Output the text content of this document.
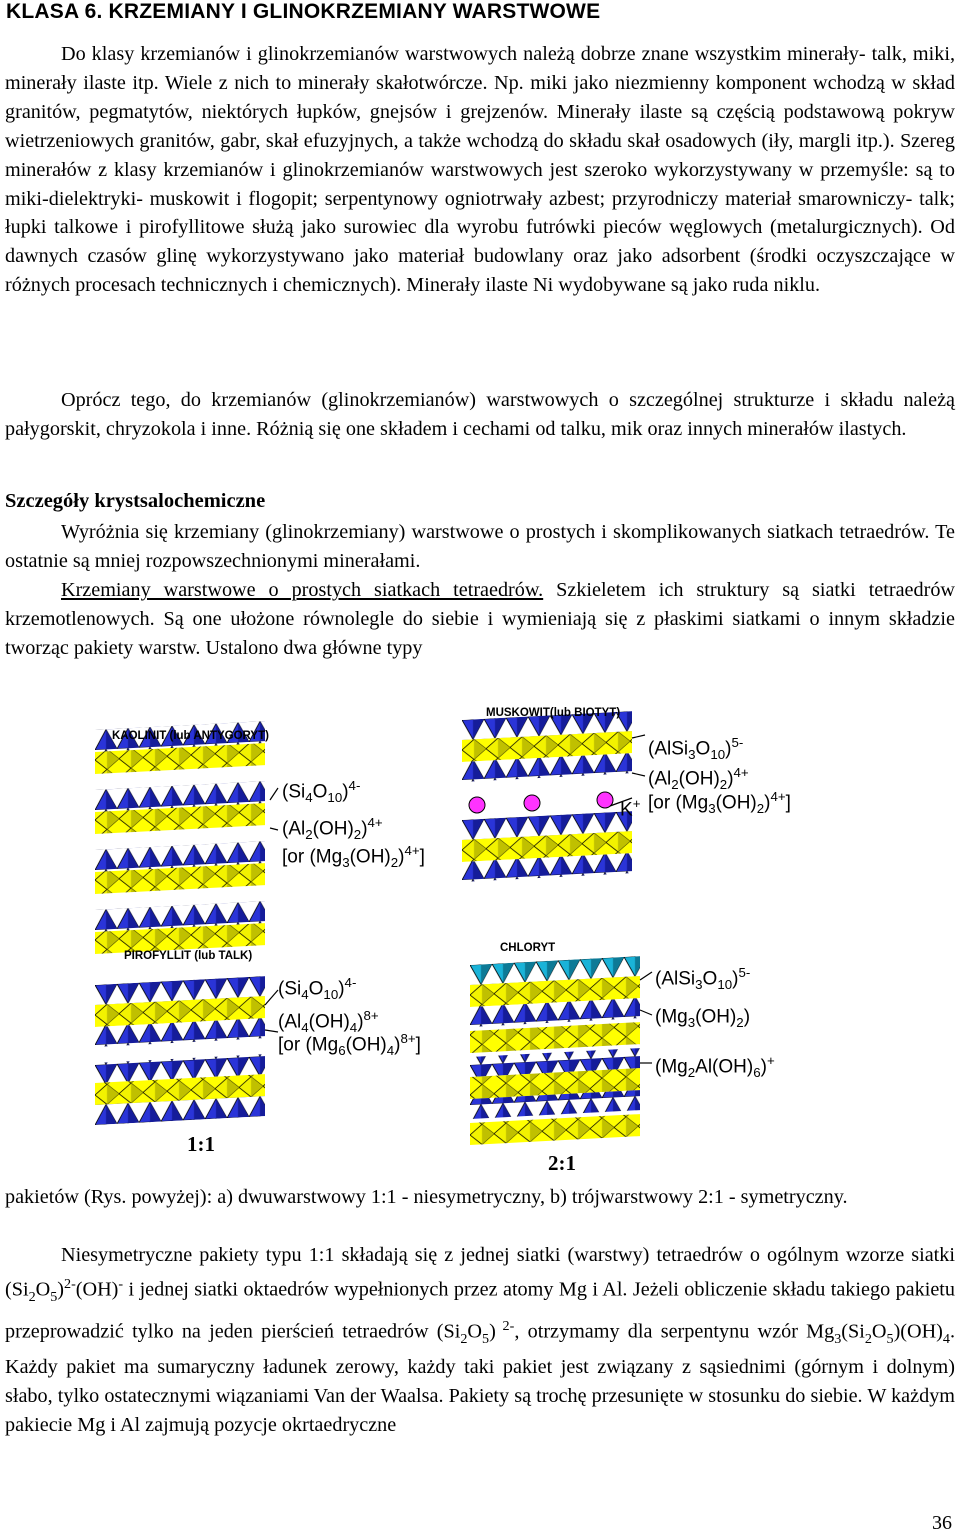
KLASA 6. KRZEMIANY I GLINOKRZEMIANY WARSTWOWE

Do klasy krzemianów i glinokrzemianów warstwowych należą dobrze znane wszystkim minerały- talk, miki, minerały ilaste itp. Wiele z nich to minerały skałotwórcze. Np. miki jako niezmienny komponent wchodzą w skład granitów, pegmatytów, niektórych łupków, gnejsów i grejzenów. Minerały ilaste są częścią podstawową pokryw wietrzeniowych granitów, gabr, skał efuzyjnych, a także wchodzą do składu skał osadowych (iły, margli itp.). Szereg minerałów z klasy krzemianów i glinokrzemianów warstwowych jest szeroko wykorzystywany w przemyśle: są to miki-dielektryki- muskowit i flogopit; serpentynowy ogniotrwały azbest; przyrodniczy materiał smarowniczy- talk; łupki talkowe i pirofyllitowe służą jako surowiec dla wyrobu futrówki pieców węglowych (metalurgicznych). Od dawnych czasów glinę wykorzystywano jako materiał budowlany oraz jako adsorbent (środki oczyszczające w różnych procesach technicznych i chemicznych). Minerały ilaste Ni wydobywane są jako ruda niklu.

Oprócz tego, do krzemianów (glinokrzemianów) warstwowych o szczególnej strukturze i składu należą pałygorskit, chryzokola i inne. Różnią się one składem i cechami od talku, mik oraz innych minerałów ilastych.

Szczegóły krystsalochemiczne

Wyróżnia się krzemiany (glinokrzemiany) warstwowe o prostych i skomplikowanych siatkach tetraedrów. Te ostatnie są mniej rozpowszechnionymi minerałami.

Krzemiany warstwowe o prostych siatkach tetraedrów. Szkieletem ich struktury są siatki tetraedrów krzemotlenowych. Są one ułożone równolegle do siebie i wymieniają się z płaskimi siatkami o innym składzie tworząc pakiety warstw. Ustalono dwa główne typy

KAOLINIT (lub ANTYGORYT)
$(Si_4O_{10})^{4-}$
$(Al_2(OH)_2)^{4+}$
[or $(Mg_3(OH)_2)^{4+}$]
MUSKOWIT(lub BIOTYT)
$(AlSi_3O_{10})^{5-}$
$(Al_2(OH)_2)^{4+}$
K+ [or $(Mg_3(OH)_2)^{4+}$]
PIROFYLLIT (lub TALK)
$(Si_4O_{10})^{4-}$
$(Al_4(OH)_4)^{8+}$
[or $(Mg_6(OH)_4)^{8+}$]
CHLORYT
$(AlSi_3O_{10})^{5-}$
$(Mg_3(OH)_2)$
$(Mg_2Al(OH)_6)^+$
1:1
2:1

pakietów (Rys. powyżej): a) dwuwarstwowy 1:1 - niesymetryczny, b) trójwarstwowy 2:1 - symetryczny.

Niesymetryczne pakiety typu 1:1 składają się z jednej siatki (warstwy) tetraedrów o ogólnym wzorze siatki $(Si_2O_5)^{2-}(OH)^-$ i jednej siatki oktaedrów wypełnionych przez atomy Mg i Al. Jeżeli obliczenie składu takiego pakietu przeprowadzić tylko na jeden pierścień tetraedrów $(Si_2O_5)$ $^{2-}$, otrzymamy dla serpentynu wzór $Mg_3(Si_2O_5)(OH)_4$. Każdy pakiet ma sumaryczny ładunek zerowy, każdy taki pakiet jest związany z sąsiednimi (górnym i dolnym) słabo, tylko ostatecznymi wiązaniami Van der Waalsa. Pakiety są trochę przesunięte w stosunku do siebie. W każdym pakiecie Mg i Al zajmują pozycje okrtaedryczne

36
